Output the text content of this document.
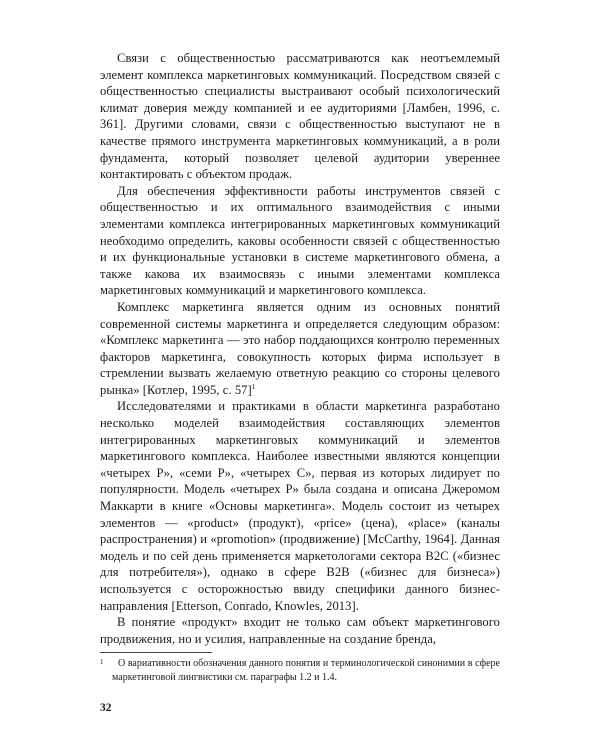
Связи с общественностью рассматриваются как неотъемлемый элемент комплекса маркетинговых коммуникаций. Посредством связей с общественностью специалисты выстраивают особый психологический климат доверия между компанией и ее аудиториями [Ламбен, 1996, с. 361]. Другими словами, связи с общественностью выступают не в качестве прямого инструмента маркетинговых коммуникаций, а в роли фундамента, который позволяет целевой аудитории увереннее контактировать с объектом продаж.

Для обеспечения эффективности работы инструментов связей с общественностью и их оптимального взаимодействия с иными элементами комплекса интегрированных маркетинговых коммуникаций необходимо определить, каковы особенности связей с общественностью и их функциональные установки в системе маркетингового обмена, а также какова их взаимосвязь с иными элементами комплекса маркетинговых коммуникаций и маркетингового комплекса.

Комплекс маркетинга является одним из основных понятий современной системы маркетинга и определяется следующим образом: «Комплекс маркетинга — это набор поддающихся контролю переменных факторов маркетинга, совокупность которых фирма использует в стремлении вызвать желаемую ответную реакцию со стороны целевого рынка» [Котлер, 1995, с. 57]$^1$

Исследователями и практиками в области маркетинга разработано несколько моделей взаимодействия составляющих элементов интегрированных маркетинговых коммуникаций и элементов маркетингового комплекса. Наиболее известными являются концепции «четырех P», «семи P», «четырех C», первая из которых лидирует по популярности. Модель «четырех P» была создана и описана Джеромом Маккарти в книге «Основы маркетинга». Модель состоит из четырех элементов — «product» (продукт), «price» (цена), «place» (каналы распространения) и «promotion» (продвижение) [McCarthy, 1964]. Данная модель и по сей день применяется маркетологами сектора B2C («бизнес для потребителя»), однако в сфере B2B («бизнес для бизнеса») используется с осторожностью ввиду специфики данного бизнес-направления [Etterson, Conrado, Knowles, 2013].

В понятие «продукт» входит не только сам объект маркетингового продвижения, но и усилия, направленные на создание бренда,

1	О вариативности обозначения данного понятия и терминологической синонимии в сфере маркетинговой лингвистики см. параграфы 1.2 и 1.4.
32
